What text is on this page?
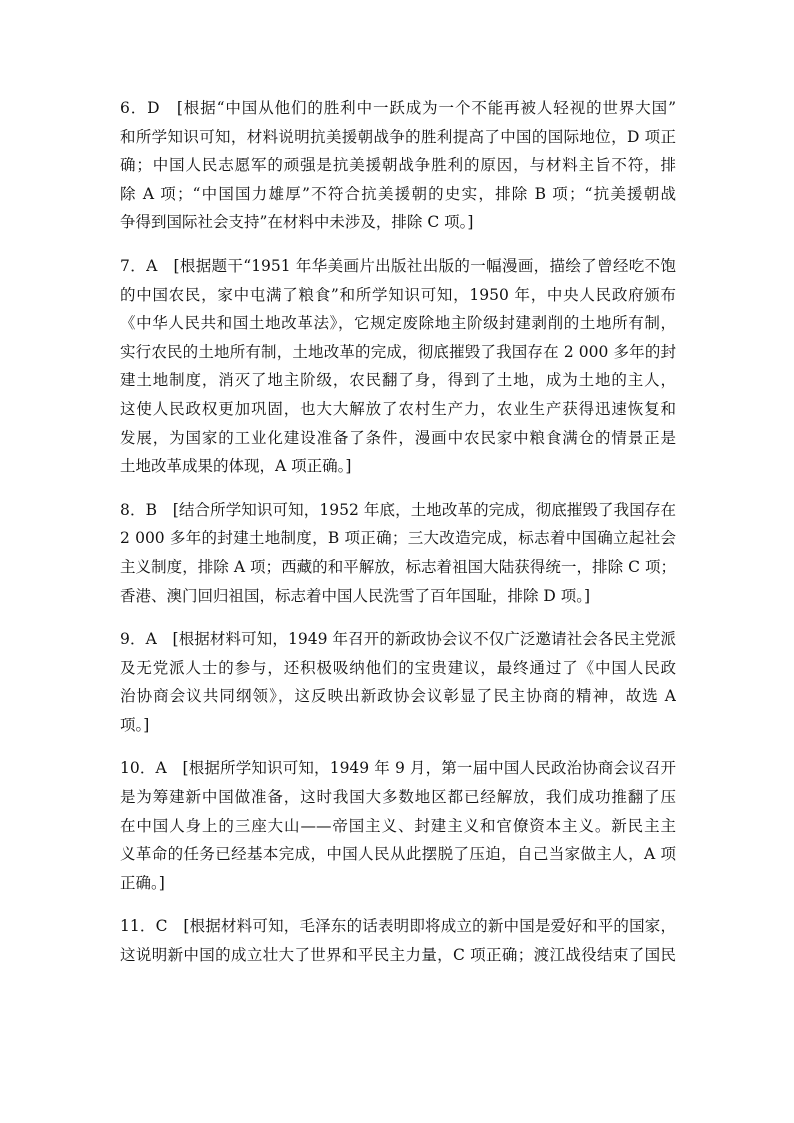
6．D　[根据“中国从他们的胜利中一跃成为一个不能再被人轻视的世界大国”
和所学知识可知，材料说明抗美援朝战争的胜利提高了中国的国际地位，D 项正
确；中国人民志愿军的顽强是抗美援朝战争胜利的原因，与材料主旨不符，排
除 A 项；“中国国力雄厚”不符合抗美援朝的史实，排除 B 项；“抗美援朝战
争得到国际社会支持”在材料中未涉及，排除 C 项。]
7．A　[根据题干“1951 年华美画片出版社出版的一幅漫画，描绘了曾经吃不饱
的中国农民，家中屯满了粮食”和所学知识可知，1950 年，中央人民政府颁布
《中华人民共和国土地改革法》，它规定废除地主阶级封建剥削的土地所有制，
实行农民的土地所有制，土地改革的完成，彻底摧毁了我国存在 2 000 多年的封
建土地制度，消灭了地主阶级，农民翻了身，得到了土地，成为土地的主人，
这使人民政权更加巩固，也大大解放了农村生产力，农业生产获得迅速恢复和
发展，为国家的工业化建设准备了条件，漫画中农民家中粮食满仓的情景正是
土地改革成果的体现，A 项正确。]
8．B　[结合所学知识可知，1952 年底，土地改革的完成，彻底摧毁了我国存在
2 000 多年的封建土地制度，B 项正确；三大改造完成，标志着中国确立起社会
主义制度，排除 A 项；西藏的和平解放，标志着祖国大陆获得统一，排除 C 项；
香港、澳门回归祖国，标志着中国人民洗雪了百年国耻，排除 D 项。]
9．A　[根据材料可知，1949 年召开的新政协会议不仅广泛邀请社会各民主党派
及无党派人士的参与，还积极吸纳他们的宝贵建议，最终通过了《中国人民政
治协商会议共同纲领》，这反映出新政协会议彰显了民主协商的精神，故选 A
项。]
10．A　[根据所学知识可知，1949 年 9 月，第一届中国人民政治协商会议召开
是为筹建新中国做准备，这时我国大多数地区都已经解放，我们成功推翻了压
在中国人身上的三座大山——帝国主义、封建主义和官僚资本主义。新民主主
义革命的任务已经基本完成，中国人民从此摆脱了压迫，自己当家做主人，A 项
正确。]
11．C　[根据材料可知，毛泽东的话表明即将成立的新中国是爱好和平的国家，
这说明新中国的成立壮大了世界和平民主力量，C 项正确；渡江战役结束了国民
